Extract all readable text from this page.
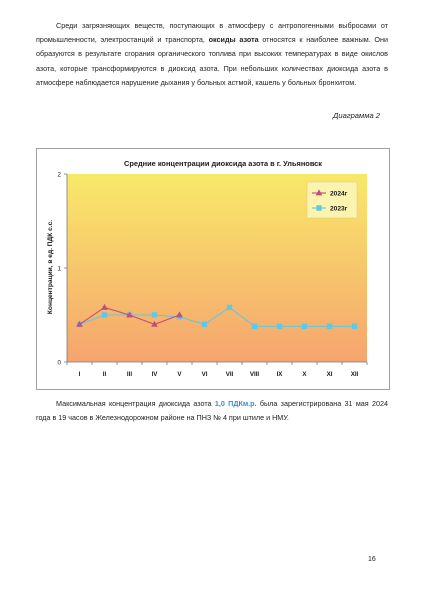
Среди загрязняющих веществ, поступающих в атмосферу с антропогенными выбросами от промышленности, электростанций и транспорта, оксиды азота относятся к наиболее важным. Они образуются в результате сгорания органического топлива при высоких температурах в виде окислов азота, которые трансформируются в диоксид азота. При небольших количествах диоксида азота в атмосфере наблюдается нарушение дыхания у больных астмой, кашель у больных бронхитом.
Диаграмма 2
Средние концентрации диоксида азота в г. Ульяновск
Концентрации, в ед. ПДК с.с.
0
1
2
I	II	III	IV	V	VI	VII	VIII	IX	X	XI	XII
2024г
2023г
Максимальная концентрация диоксида азота 1,0 ПДКм.р. была зарегистрирована 31 мая 2024 года в 19 часов в Железнодорожном районе на ПНЗ № 4 при штиле и НМУ.
16
